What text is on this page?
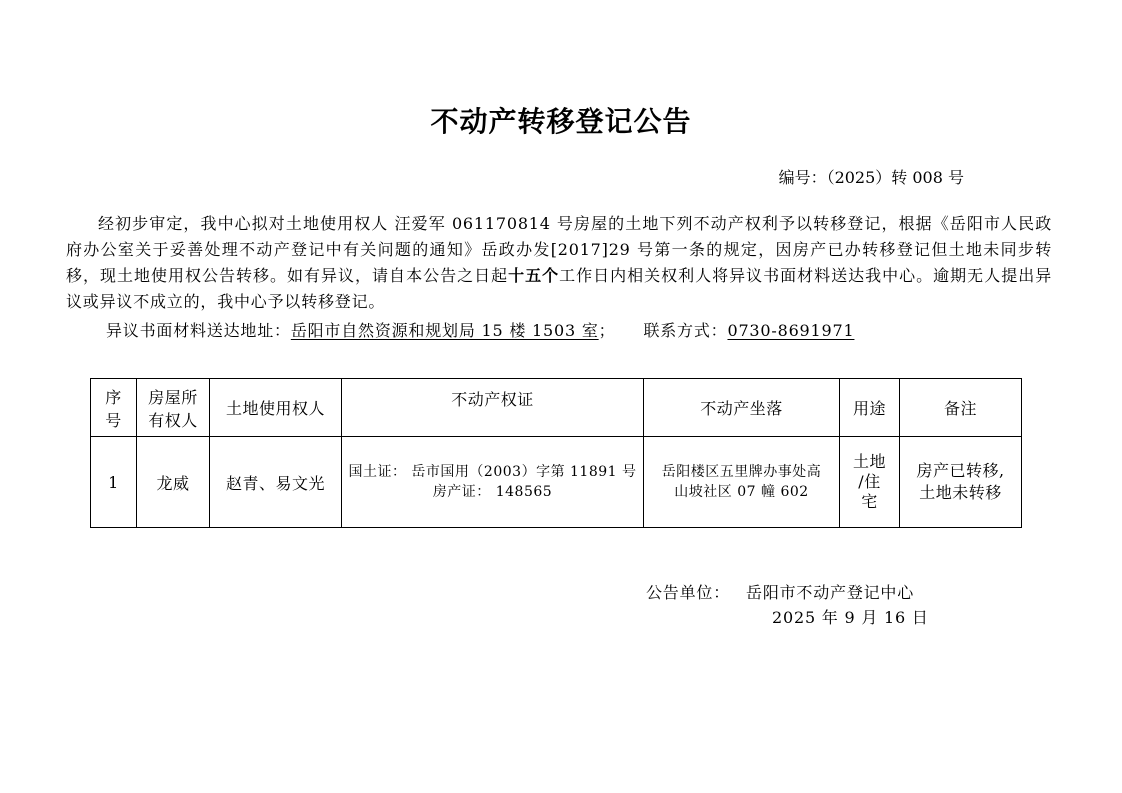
不动产转移登记公告
编号：（2025）转 008 号
经初步审定，我中心拟对土地使用权人 汪爱军 061170814 号房屋的土地下列不动产权利予以转移登记，根据《岳阳市人民政府办公室关于妥善处理不动产登记中有关问题的通知》岳政办发[2017]29 号第一条的规定，因房产已办转移登记但土地未同步转移，现土地使用权公告转移。如有异议，请自本公告之日起十五个工作日内相关权利人将异议书面材料送达我中心。逾期无人提出异议或异议不成立的，我中心予以转移登记。
异议书面材料送达地址：岳阳市自然资源和规划局 15 楼 1503 室； 联系方式：0730-8691971
序
号	房屋所
有权人	土地使用权人	不动产权证	不动产坐落	用途	备注
1	龙威	赵青、易文光	国土证： 岳市国用（2003）字第 11891 号
房产证： 148565	岳阳楼区五里牌办事处高
山坡社区 07 幢 602	土地
/住
宅	房产已转移,
土地未转移
公告单位： 岳阳市不动产登记中心
2025 年 9 月 16 日
